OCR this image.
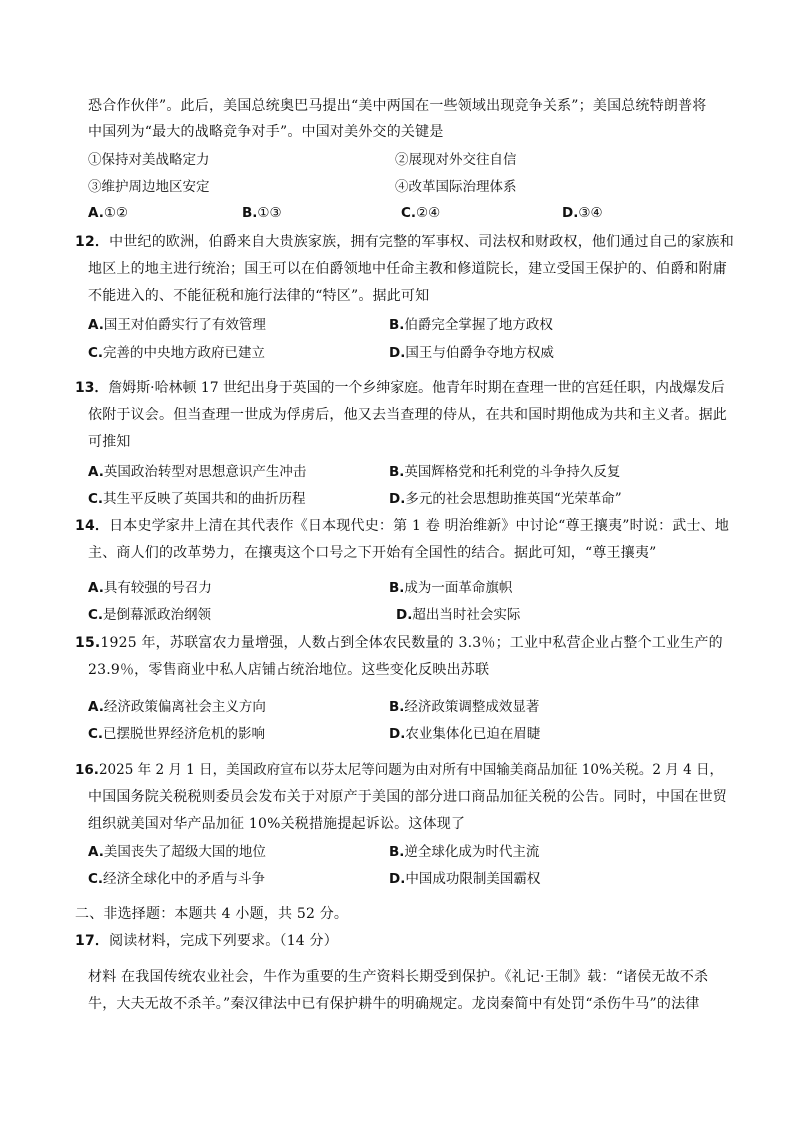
恐合作伙伴”。此后，美国总统奥巴马提出“美中两国在一些领域出现竞争关系”；美国总统特朗普将
中国列为“最大的战略竞争对手”。中国对美外交的关键是
①保持对美战略定力	②展现对外交往自信
③维护周边地区安定	④改革国际治理体系
A.①②	B.①③	C.②④	D.③④
12．中世纪的欧洲，伯爵来自大贵族家族，拥有完整的军事权、司法权和财政权，他们通过自己的家族和
地区上的地主进行统治；国王可以在伯爵领地中任命主教和修道院长，建立受国王保护的、伯爵和附庸
不能进入的、不能征税和施行法律的“特区”。据此可知
A.国王对伯爵实行了有效管理	B.伯爵完全掌握了地方政权
C.完善的中央地方政府已建立	D.国王与伯爵争夺地方权威
13．詹姆斯·哈林顿 17 世纪出身于英国的一个乡绅家庭。他青年时期在查理一世的宫廷任职，内战爆发后
依附于议会。但当查理一世成为俘虏后，他又去当查理的侍从，在共和国时期他成为共和主义者。据此
可推知
A.英国政治转型对思想意识产生冲击	B.英国辉格党和托利党的斗争持久反复
C.其生平反映了英国共和的曲折历程	D.多元的社会思想助推英国“光荣革命”
14．日本史学家井上清在其代表作《日本现代史：第 1 卷 明治维新》中讨论“尊王攘夷”时说：武士、地
主、商人们的改革势力，在攘夷这个口号之下开始有全国性的结合。据此可知，“尊王攘夷”
A.具有较强的号召力	B.成为一面革命旗帜
C.是倒幕派政治纲领	D.超出当时社会实际
15.1925 年，苏联富农力量增强，人数占到全体农民数量的 3.3％；工业中私营企业占整个工业生产的
23.9％，零售商业中私人店铺占统治地位。这些变化反映出苏联
A.经济政策偏离社会主义方向	B.经济政策调整成效显著
C.已摆脱世界经济危机的影响	D.农业集体化已迫在眉睫
16.2025 年 2 月 1 日，美国政府宣布以芬太尼等问题为由对所有中国输美商品加征 10%关税。2 月 4 日，
中国国务院关税税则委员会发布关于对原产于美国的部分进口商品加征关税的公告。同时，中国在世贸
组织就美国对华产品加征 10%关税措施提起诉讼。这体现了
A.美国丧失了超级大国的地位	B.逆全球化成为时代主流
C.经济全球化中的矛盾与斗争	D.中国成功限制美国霸权
二、非选择题：本题共 4 小题，共 52 分。
17．阅读材料，完成下列要求。（14 分）
材料 在我国传统农业社会，牛作为重要的生产资料长期受到保护。《礼记·王制》载：“诸侯无故不杀
牛，大夫无故不杀羊。”秦汉律法中已有保护耕牛的明确规定。龙岗秦简中有处罚“杀伤牛马”的法律
